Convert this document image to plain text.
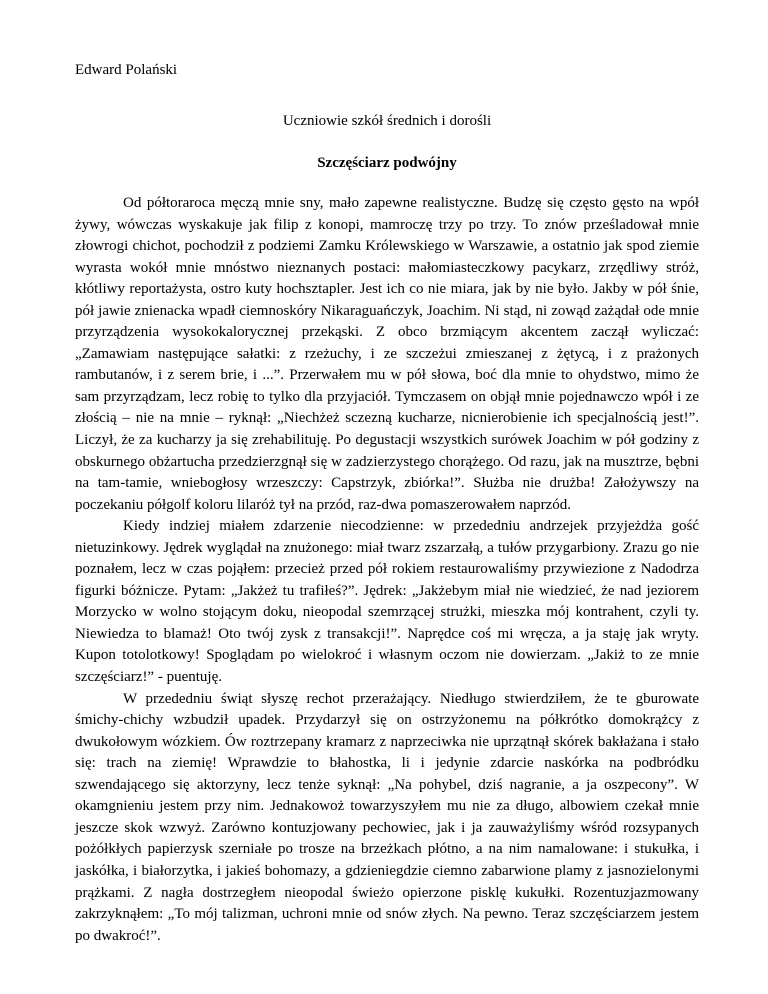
Edward Polański

Uczniowie szkół średnich i dorośli

Szczęściarz podwójny

Od półtoraroca męczą mnie sny, mało zapewne realistyczne. Budzę się często gęsto na wpół żywy, wówczas wyskakuje jak filip z konopi, mamroczę trzy po trzy. To znów prześladował mnie złowrogi chichot, pochodził z podziemi Zamku Królewskiego w Warszawie, a ostatnio jak spod ziemie wyrasta wokół mnie mnóstwo nieznanych postaci: małomiasteczkowy pacykarz, zrzędliwy stróż, kłótliwy reportażysta, ostro kuty hochsztapler. Jest ich co nie miara, jak by nie było. Jakby w pół śnie, pół jawie znienacka wpadł ciemnoskóry Nikaraguańczyk, Joachim. Ni stąd, ni zowąd zażądał ode mnie przyrządzenia wysokokalorycznej przekąski. Z obco brzmiącym akcentem zaczął wyliczać: „Zamawiam następujące sałatki: z rzeżuchy, i ze szczeżui zmieszanej z żętycą, i z prażonych rambutanów, i z serem brie, i ...”. Przerwałem mu w pół słowa, boć dla mnie to ohydstwo, mimo że sam przyrządzam, lecz robię to tylko dla przyjaciół. Tymczasem on objął mnie pojednawczo wpół i ze złością – nie na mnie – ryknął: „Niechżeż sczezną kucharze, nicnierobienie ich specjalnością jest!”. Liczył, że za kucharzy ja się zrehabilituję. Po degustacji wszystkich surówek Joachim w pół godziny z obskurnego obżartucha przedzierzgnął się w zadzierzystego chorążego. Od razu, jak na musztrze, bębni na tam-tamie, wniebogłosy wrzeszczy: Capstrzyk, zbiórka!”. Służba nie drużba! Założywszy na poczekaniu półgolf koloru lilaróż tył na przód, raz-dwa pomaszerowałem naprzód.

Kiedy indziej miałem zdarzenie niecodzienne: w przededniu andrzejek przyjeżdża gość nietuzinkowy. Jędrek wyglądał na znużonego: miał twarz zszarzałą, a tułów przygarbiony. Zrazu go nie poznałem, lecz w czas pojąłem: przecież przed pół rokiem restaurowaliśmy przywiezione z Nadodrza figurki bóżnicze. Pytam: „Jakżeż tu trafiłeś?”. Jędrek: „Jakżebym miał nie wiedzieć, że nad jeziorem Morzycko w wolno stojącym doku, nieopodal szemrzącej strużki, mieszka mój kontrahent, czyli ty. Niewiedza to blamaż! Oto twój zysk z transakcji!”. Naprędce coś mi wręcza, a ja staję jak wryty. Kupon totolotkowy! Spoglądam po wielokroć i własnym oczom nie dowierzam. „Jakiż to ze mnie szczęściarz!” - puentuję.

W przededniu świąt słyszę rechot przerażający. Niedługo stwierdziłem, że te gburowate śmichy-chichy wzbudził upadek. Przydarzył się on ostrzyżonemu na półkrótko domokrążcy z dwukołowym wózkiem. Ów roztrzepany kramarz z naprzeciwka nie uprzątnął skórek bakłażana i stało się: trach na ziemię! Wprawdzie to błahostka, li i jedynie zdarcie naskórka na podbródku szwendającego się aktorzyny, lecz tenże syknął: „Na pohybel, dziś nagranie, a ja oszpecony”. W okamgnieniu jestem przy nim. Jednakowoż towarzyszyłem mu nie za długo, albowiem czekał mnie jeszcze skok wzwyż. Zarówno kontuzjowany pechowiec, jak i ja zauważyliśmy wśród rozsypanych pożółkłych papierzysk szerniałe po trosze na brzeżkach płótno, a na nim namalowane: i stukułka, i jaskółka, i białorzytka, i jakieś bohomazy, a gdzieniegdzie ciemno zabarwione plamy z jasnozielonymi prążkami. Z nagła dostrzegłem nieopodal świeżo opierzone pisklę kukułki. Rozentuzjazmowany zakrzyknąłem: „To mój talizman, uchroni mnie od snów złych. Na pewno. Teraz szczęściarzem jestem po dwakroć!”.
